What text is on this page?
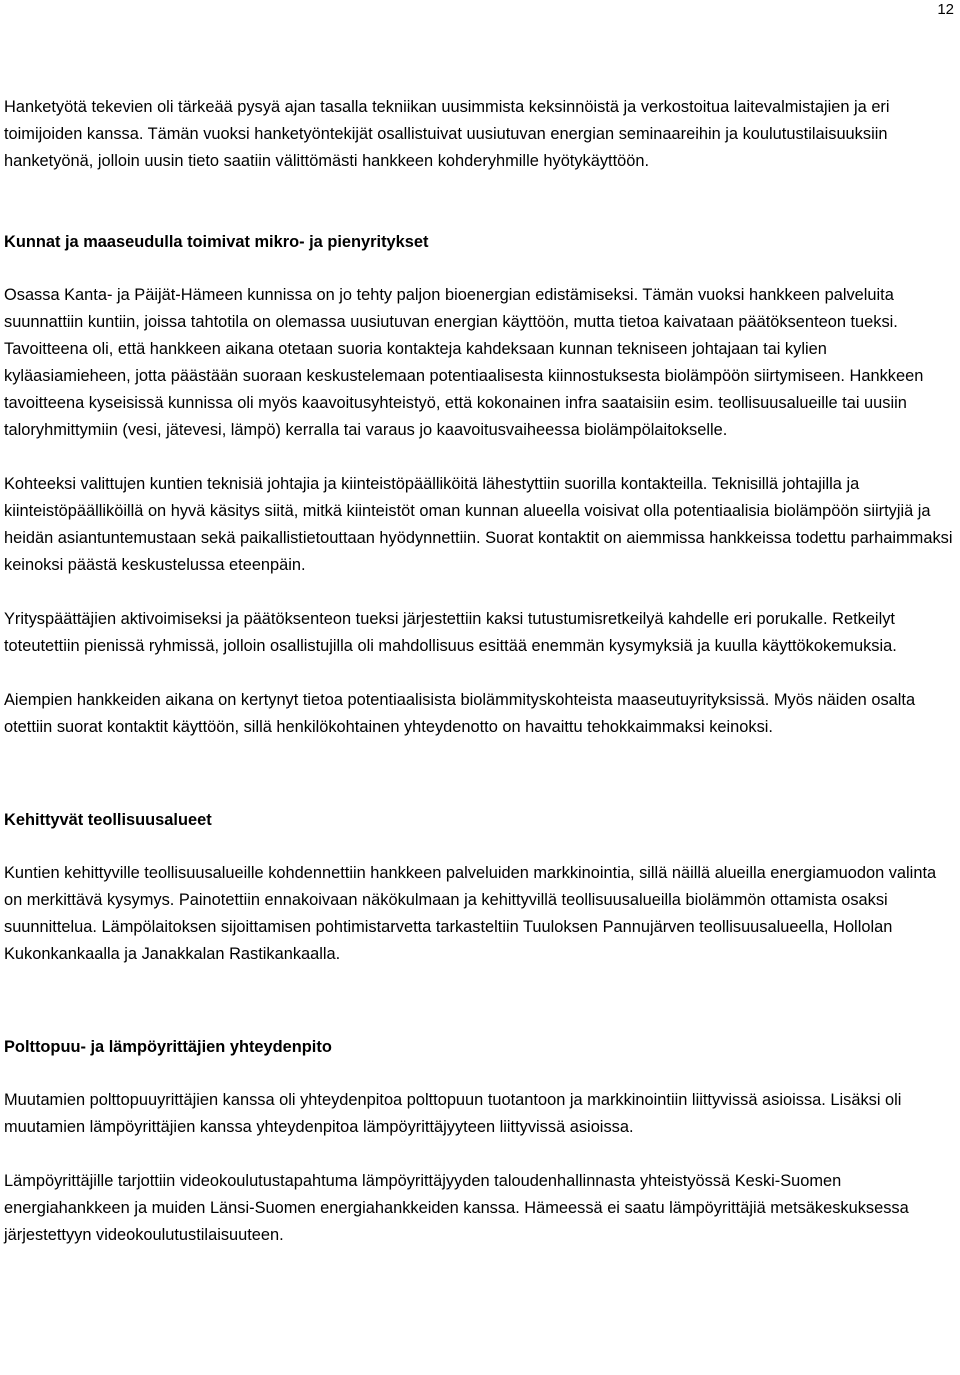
12

Hanketyötä tekevien oli tärkeää pysyä ajan tasalla tekniikan uusimmista keksinnöistä ja verkostoitua laitevalmistajien ja eri toimijoiden kanssa. Tämän vuoksi hanketyöntekijät osallistuivat uusiutuvan energian seminaareihin ja koulutustilaisuuksiin hanketyönä, jolloin uusin tieto saatiin välittömästi hankkeen kohderyhmille hyötykäyttöön.

Kunnat ja maaseudulla toimivat mikro- ja pienyritykset

Osassa Kanta- ja Päijät-Hämeen kunnissa on jo tehty paljon bioenergian edistämiseksi. Tämän vuoksi hankkeen palveluita suunnattiin kuntiin, joissa tahtotila on olemassa uusiutuvan energian käyttöön, mutta tietoa kaivataan päätöksenteon tueksi. Tavoitteena oli, että hankkeen aikana otetaan suoria kontakteja kahdeksaan kunnan tekniseen johtajaan tai kylien kyläasiamieheen, jotta päästään suoraan keskustelemaan potentiaalisesta kiinnostuksesta biolämpöön siirtymiseen. Hankkeen tavoitteena kyseisissä kunnissa oli myös kaavoitusyhteistyö, että kokonainen infra saataisiin esim. teollisuusalueille tai uusiin taloryhmittymiin (vesi, jätevesi, lämpö) kerralla tai varaus jo kaavoitusvaiheessa biolämpölaitokselle.

Kohteeksi valittujen kuntien teknisiä johtajia ja kiinteistöpäälliköitä lähestyttiin suorilla kontakteilla. Teknisillä johtajilla ja kiinteistöpäälliköillä on hyvä käsitys siitä, mitkä kiinteistöt oman kunnan alueella voisivat olla potentiaalisia biolämpöön siirtyjiä ja heidän asiantuntemustaan sekä paikallistietouttaan hyödynnettiin. Suorat kontaktit on aiemmissa hankkeissa todettu parhaimmaksi keinoksi päästä keskustelussa eteenpäin.

Yrityspäättäjien aktivoimiseksi ja päätöksenteon tueksi järjestettiin kaksi tutustumisretkeilyä kahdelle eri porukalle. Retkeilyt toteutettiin pienissä ryhmissä, jolloin osallistujilla oli mahdollisuus esittää enemmän kysymyksiä ja kuulla käyttökokemuksia.

Aiempien hankkeiden aikana on kertynyt tietoa potentiaalisista biolämmityskohteista maaseutuyrityksissä. Myös näiden osalta otettiin suorat kontaktit käyttöön, sillä henkilökohtainen yhteydenotto on havaittu tehokkaimmaksi keinoksi.

Kehittyvät teollisuusalueet

Kuntien kehittyville teollisuusalueille kohdennettiin hankkeen palveluiden markkinointia, sillä näillä alueilla energiamuodon valinta on merkittävä kysymys. Painotettiin ennakoivaan näkökulmaan ja kehittyvillä teollisuusalueilla biolämmön ottamista osaksi suunnittelua. Lämpölaitoksen sijoittamisen pohtimistarvetta tarkasteltiin Tuuloksen Pannujärven teollisuusalueella, Hollolan Kukonkankaalla ja Janakkalan Rastikankaalla.

Polttopuu- ja lämpöyrittäjien yhteydenpito

Muutamien polttopuuyrittäjien kanssa oli yhteydenpitoa polttopuun tuotantoon ja markkinointiin liittyvissä asioissa. Lisäksi oli muutamien lämpöyrittäjien kanssa yhteydenpitoa lämpöyrittäjyyteen liittyvissä asioissa.

Lämpöyrittäjille tarjottiin videokoulutustapahtuma lämpöyrittäjyyden taloudenhallinnasta yhteistyössä Keski-Suomen energiahankkeen ja muiden Länsi-Suomen energiahankkeiden kanssa. Hämeessä ei saatu lämpöyrittäjiä metsäkeskuksessa järjestettyyn videokoulutustilaisuuteen.
